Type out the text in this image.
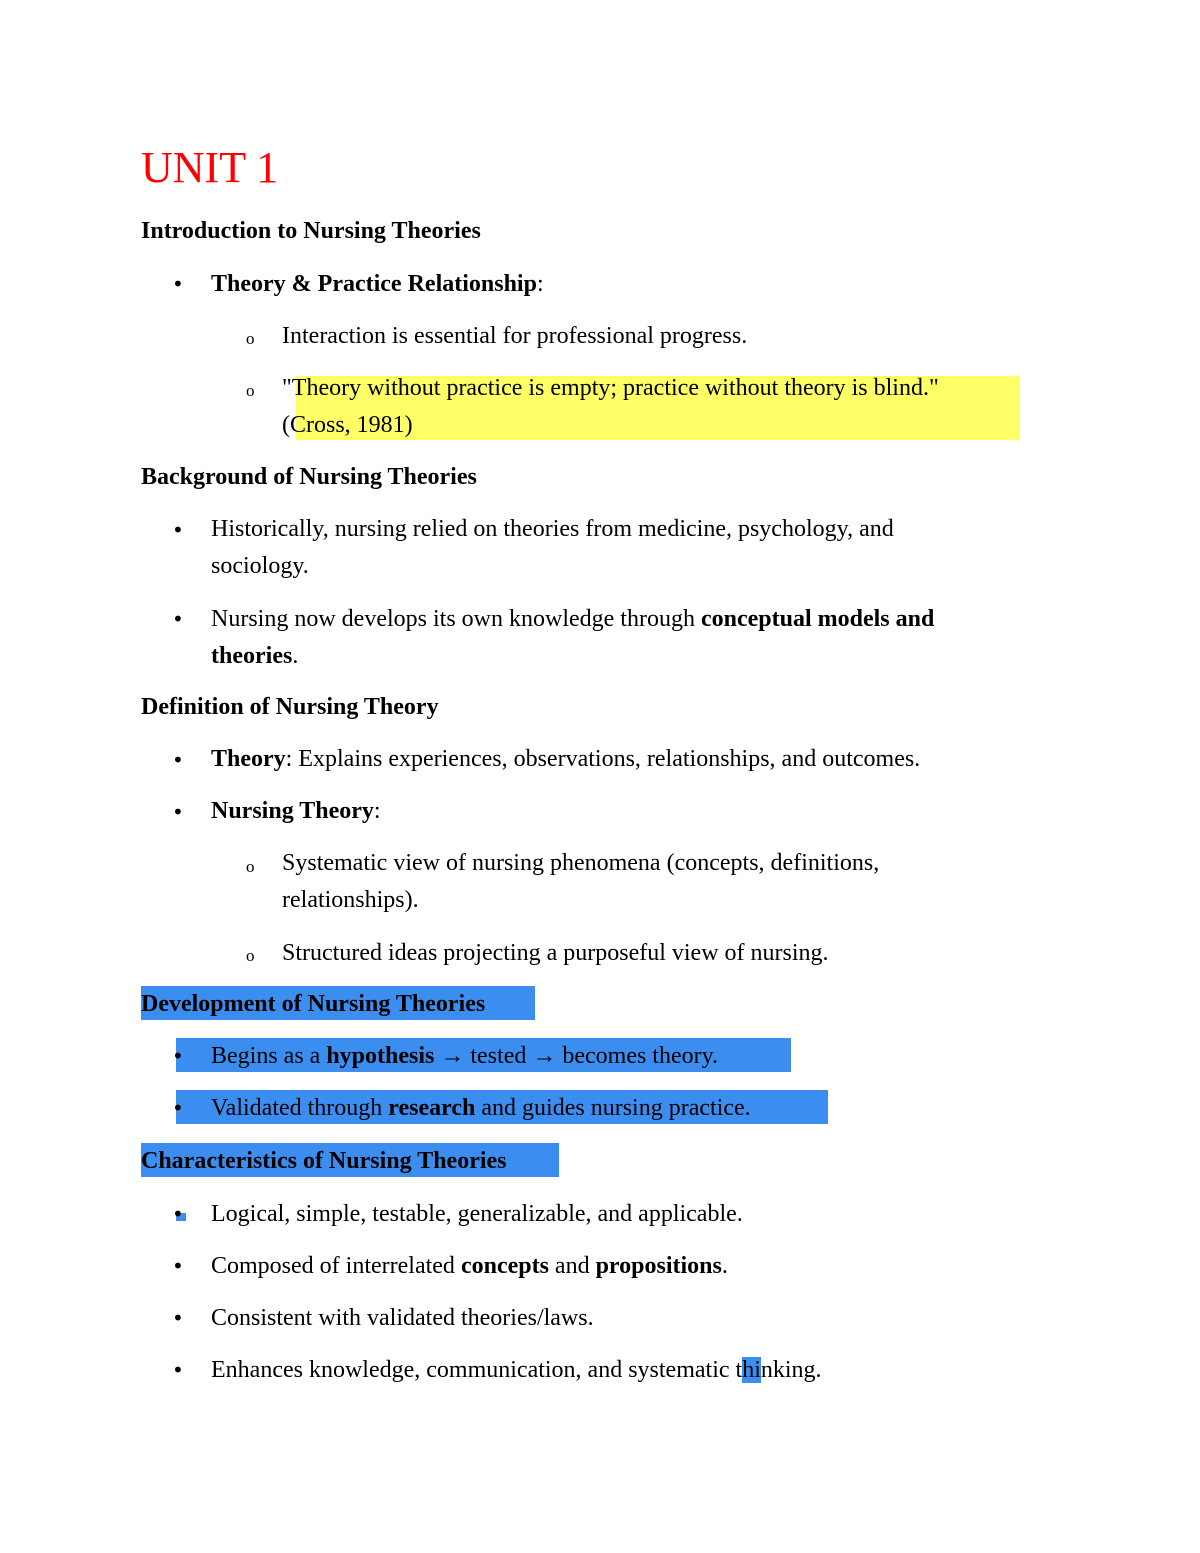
UNIT 1
Introduction to Nursing Theories
• Theory & Practice Relationship:

o Interaction is essential for professional progress.

o "Theory without practice is empty; practice without theory is blind."
(Cross, 1981)

Background of Nursing Theories
• Historically, nursing relied on theories from medicine, psychology, and
sociology.

• Nursing now develops its own knowledge through conceptual models and
theories.

Definition of Nursing Theory
• Theory: Explains experiences, observations, relationships, and outcomes.

• Nursing Theory:

o Systematic view of nursing phenomena (concepts, definitions,
relationships).

o Structured ideas projecting a purposeful view of nursing.

Development of Nursing Theories
• Begins as a hypothesis → tested → becomes theory.

• Validated through research and guides nursing practice.

Characteristics of Nursing Theories
• Logical, simple, testable, generalizable, and applicable.

• Composed of interrelated concepts and propositions.

• Consistent with validated theories/laws.

• Enhances knowledge, communication, and systematic thinking.
